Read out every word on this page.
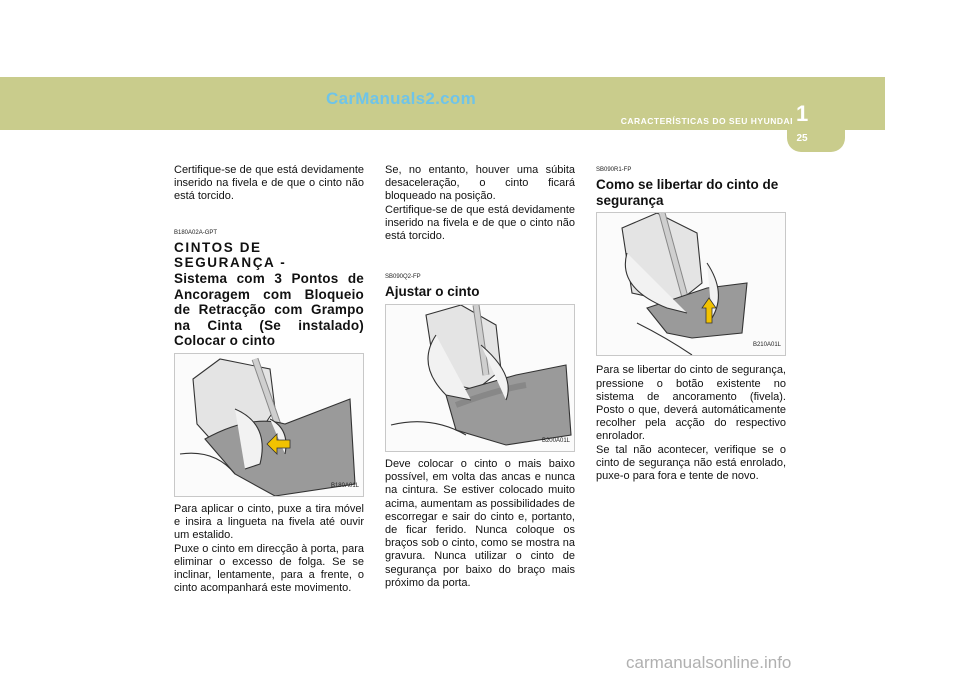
CarManuals2.com
1
CARACTERÍSTICAS DO SEU HYUNDAI
25

Certifique-se de que está devidamente inserido na fivela e de que o cinto não está torcido.

B180A02A-GPT

CINTOS DE SEGURANÇA -

Sistema com 3 Pontos de Ancoragem com Bloqueio de Retracção com Grampo na Cinta (Se instalado) Colocar o cinto

B180A01L

Para aplicar o cinto, puxe a tira móvel e insira a lingueta na fivela até ouvir um estalido.

Puxe o cinto em direcção à porta, para eliminar o excesso de folga. Se se inclinar, lentamente, para a frente, o cinto acompanhará este movimento.

Se, no entanto, houver uma súbita desaceleração, o cinto ficará bloqueado na posição.

Certifique-se de que está devidamente inserido na fivela e de que o cinto não está torcido.

SB090Q2-FP

Ajustar o cinto

B200A01L

Deve colocar o cinto o mais baixo possível, em volta das ancas e nunca na cintura. Se estiver colocado muito acima, aumentam as possibilidades de escorregar e sair do cinto e, portanto, de ficar ferido. Nunca coloque os braços sob o cinto, como se mostra na gravura. Nunca utilizar o cinto de segurança por baixo do braço mais próximo da porta.

SB090R1-FP

Como se libertar do cinto de segurança

B210A01L

Para se libertar do cinto de segurança, pressione o botão existente no sistema de ancoramento (fivela). Posto o que, deverá automáticamente recolher pela acção do respectivo enrolador.

Se tal não acontecer, verifique se o cinto de segurança não está enrolado, puxe-o para fora e tente de novo.

carmanualsonline.info
